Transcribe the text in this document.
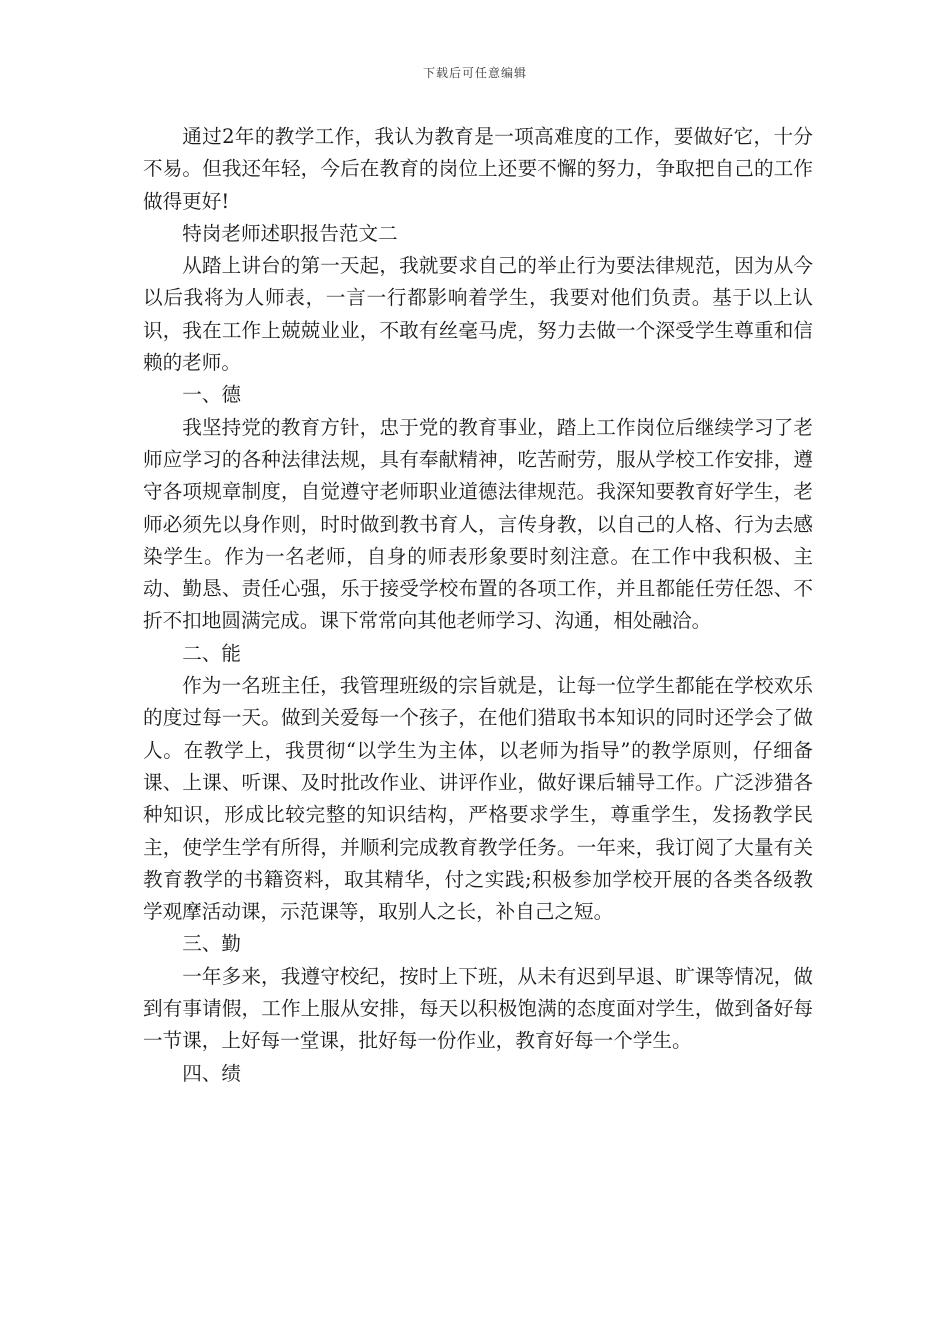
下载后可任意编辑

通过2年的教学工作，我认为教育是一项高难度的工作，要做好它，十分不易。但我还年轻，今后在教育的岗位上还要不懈的努力，争取把自己的工作做得更好!

特岗老师述职报告范文二

从踏上讲台的第一天起，我就要求自己的举止行为要法律规范，因为从今以后我将为人师表，一言一行都影响着学生，我要对他们负责。基于以上认识，我在工作上兢兢业业，不敢有丝毫马虎，努力去做一个深受学生尊重和信赖的老师。

一、德

我坚持党的教育方针，忠于党的教育事业，踏上工作岗位后继续学习了老师应学习的各种法律法规，具有奉献精神，吃苦耐劳，服从学校工作安排，遵守各项规章制度，自觉遵守老师职业道德法律规范。我深知要教育好学生，老师必须先以身作则，时时做到教书育人，言传身教，以自己的人格、行为去感染学生。作为一名老师，自身的师表形象要时刻注意。在工作中我积极、主动、勤恳、责任心强，乐于接受学校布置的各项工作，并且都能任劳任怨、不折不扣地圆满完成。课下常常向其他老师学习、沟通，相处融洽。

二、能

作为一名班主任，我管理班级的宗旨就是，让每一位学生都能在学校欢乐的度过每一天。做到关爱每一个孩子，在他们猎取书本知识的同时还学会了做人。在教学上，我贯彻“以学生为主体，以老师为指导”的教学原则，仔细备课、上课、听课、及时批改作业、讲评作业，做好课后辅导工作。广泛涉猎各种知识，形成比较完整的知识结构，严格要求学生，尊重学生，发扬教学民主，使学生学有所得，并顺利完成教育教学任务。一年来，我订阅了大量有关教育教学的书籍资料，取其精华，付之实践;积极参加学校开展的各类各级教学观摩活动课，示范课等，取别人之长，补自己之短。

三、勤

一年多来，我遵守校纪，按时上下班，从未有迟到早退、旷课等情况，做到有事请假，工作上服从安排，每天以积极饱满的态度面对学生，做到备好每一节课，上好每一堂课，批好每一份作业，教育好每一个学生。

四、绩
